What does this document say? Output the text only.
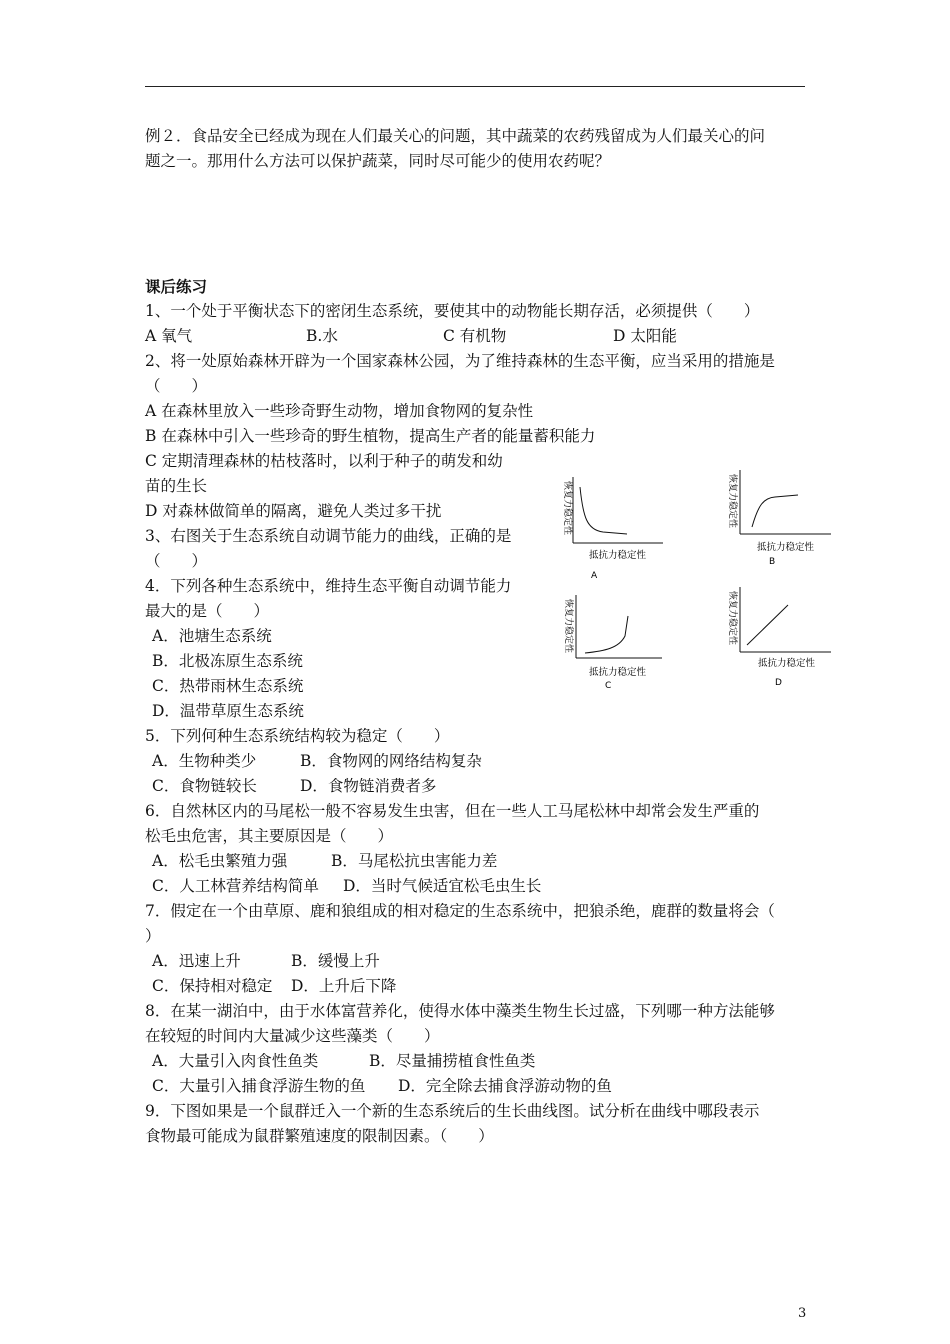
例２．食品安全已经成为现在人们最关心的问题，其中蔬菜的农药残留成为人们最关心的问
题之一。那用什么方法可以保护蔬菜，同时尽可能少的使用农药呢？
课后练习
1、一个处于平衡状态下的密闭生态系统，要使其中的动物能长期存活，必须提供（　　）
A 氧气	B.水	C 有机物	D 太阳能
2、将一处原始森林开辟为一个国家森林公园，为了维持森林的生态平衡，应当采用的措施是
（　　）
A 在森林里放入一些珍奇野生动物，增加食物网的复杂性
B 在森林中引入一些珍奇的野生植物，提高生产者的能量蓄积能力
C 定期清理森林的枯枝落时，以利于种子的萌发和幼
苗的生长
D 对森林做简单的隔离，避免人类过多干扰
3、右图关于生态系统自动调节能力的曲线，正确的是
（　　）
4．下列各种生态系统中，维持生态平衡自动调节能力
最大的是（　　）
A．池塘生态系统
B．北极冻原生态系统
C．热带雨林生态系统
D．温带草原生态系统
5．下列何种生态系统结构较为稳定（　　）
A．生物种类少	B．食物网的网络结构复杂
C．食物链较长	D．食物链消费者多
6．自然林区内的马尾松一般不容易发生虫害，但在一些人工马尾松林中却常会发生严重的
松毛虫危害，其主要原因是（　　）
A．松毛虫繁殖力强	B．马尾松抗虫害能力差
C．人工林营养结构简单 D．当时气候适宜松毛虫生长
7．假定在一个由草原、鹿和狼组成的相对稳定的生态系统中，把狼杀绝，鹿群的数量将会（
）
A．迅速上升	B．缓慢上升
C．保持相对稳定 D．上升后下降
8．在某一湖泊中，由于水体富营养化，使得水体中藻类生物生长过盛，下列哪一种方法能够
在较短的时间内大量减少这些藻类（　　）
A．大量引入肉食性鱼类	B．尽量捕捞植食性鱼类
C．大量引入捕食浮游生物的鱼 D．完全除去捕食浮游动物的鱼
9．下图如果是一个鼠群迁入一个新的生态系统后的生长曲线图。试分析在曲线中哪段表示
食物最可能成为鼠群繁殖速度的限制因素。（　　）
恢复力稳定性
抵抗力稳定性
A
恢复力稳定性
抵抗力稳定性
B
恢复力稳定性
抵抗力稳定性
C
恢复力稳定性
抵抗力稳定性
D
3
